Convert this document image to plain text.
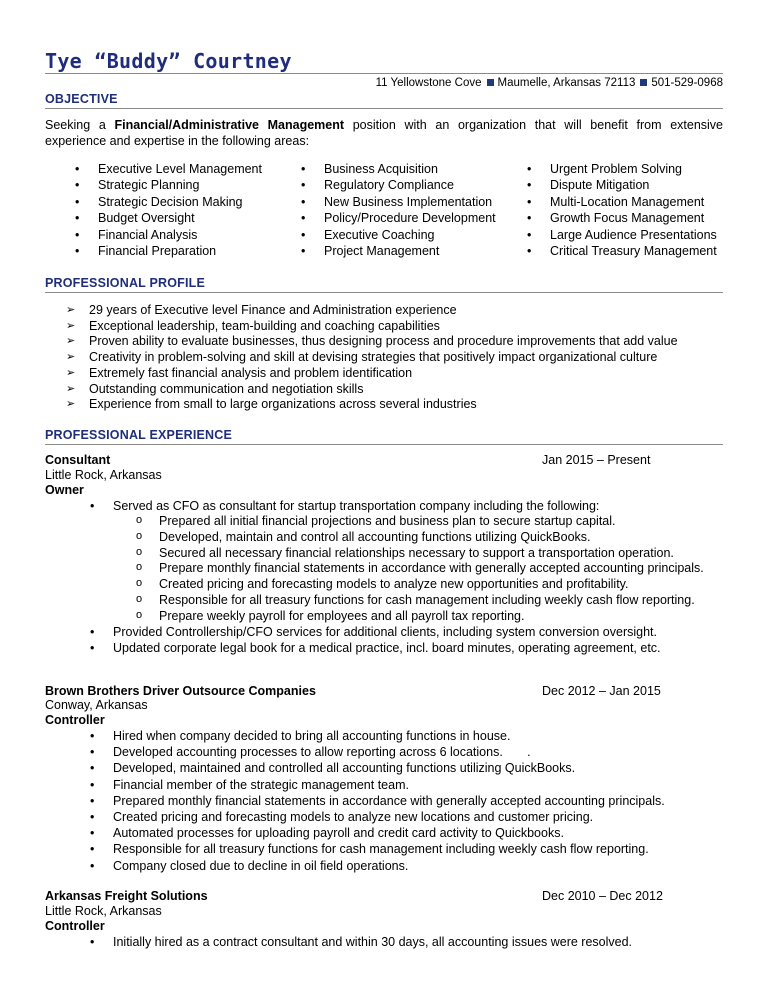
Tye “Buddy” Courtney
11 Yellowstone Cove Maumelle, Arkansas 72113 501-529-0968
OBJECTIVE
Seeking a Financial/Administrative Management position with an organization that will benefit from extensive experience and expertise in the following areas:
• Executive Level Management
• Strategic Planning
• Strategic Decision Making
• Budget Oversight
• Financial Analysis
• Financial Preparation
• Business Acquisition
• Regulatory Compliance
• New Business Implementation
• Policy/Procedure Development
• Executive Coaching
• Project Management
• Urgent Problem Solving
• Dispute Mitigation
• Multi-Location Management
• Growth Focus Management
• Large Audience Presentations
• Critical Treasury Management
PROFESSIONAL PROFILE
➢ 29 years of Executive level Finance and Administration experience
➢ Exceptional leadership, team-building and coaching capabilities
➢ Proven ability to evaluate businesses, thus designing process and procedure improvements that add value
➢ Creativity in problem-solving and skill at devising strategies that positively impact organizational culture
➢ Extremely fast financial analysis and problem identification
➢ Outstanding communication and negotiation skills
➢ Experience from small to large organizations across several industries
PROFESSIONAL EXPERIENCE
Consultant	Jan 2015 – Present
Little Rock, Arkansas
Owner
• Served as CFO as consultant for startup transportation company including the following:
o Prepared all initial financial projections and business plan to secure startup capital.
o Developed, maintain and control all accounting functions utilizing QuickBooks.
o Secured all necessary financial relationships necessary to support a transportation operation.
o Prepare monthly financial statements in accordance with generally accepted accounting principals.
o Created pricing and forecasting models to analyze new opportunities and profitability.
o Responsible for all treasury functions for cash management including weekly cash flow reporting.
o Prepare weekly payroll for employees and all payroll tax reporting.
• Provided Controllership/CFO services for additional clients, including system conversion oversight.
• Updated corporate legal book for a medical practice, incl. board minutes, operating agreement, etc.
Brown Brothers Driver Outsource Companies	Dec 2012 – Jan 2015
Conway, Arkansas
Controller
• Hired when company decided to bring all accounting functions in house.
• Developed accounting processes to allow reporting across 6 locations.       .
• Developed, maintained and controlled all accounting functions utilizing QuickBooks.
• Financial member of the strategic management team.
• Prepared monthly financial statements in accordance with generally accepted accounting principals.
• Created pricing and forecasting models to analyze new locations and customer pricing.
• Automated processes for uploading payroll and credit card activity to Quickbooks.
• Responsible for all treasury functions for cash management including weekly cash flow reporting.
• Company closed due to decline in oil field operations.
Arkansas Freight Solutions	Dec 2010 – Dec 2012
Little Rock, Arkansas
Controller
• Initially hired as a contract consultant and within 30 days, all accounting issues were resolved.
